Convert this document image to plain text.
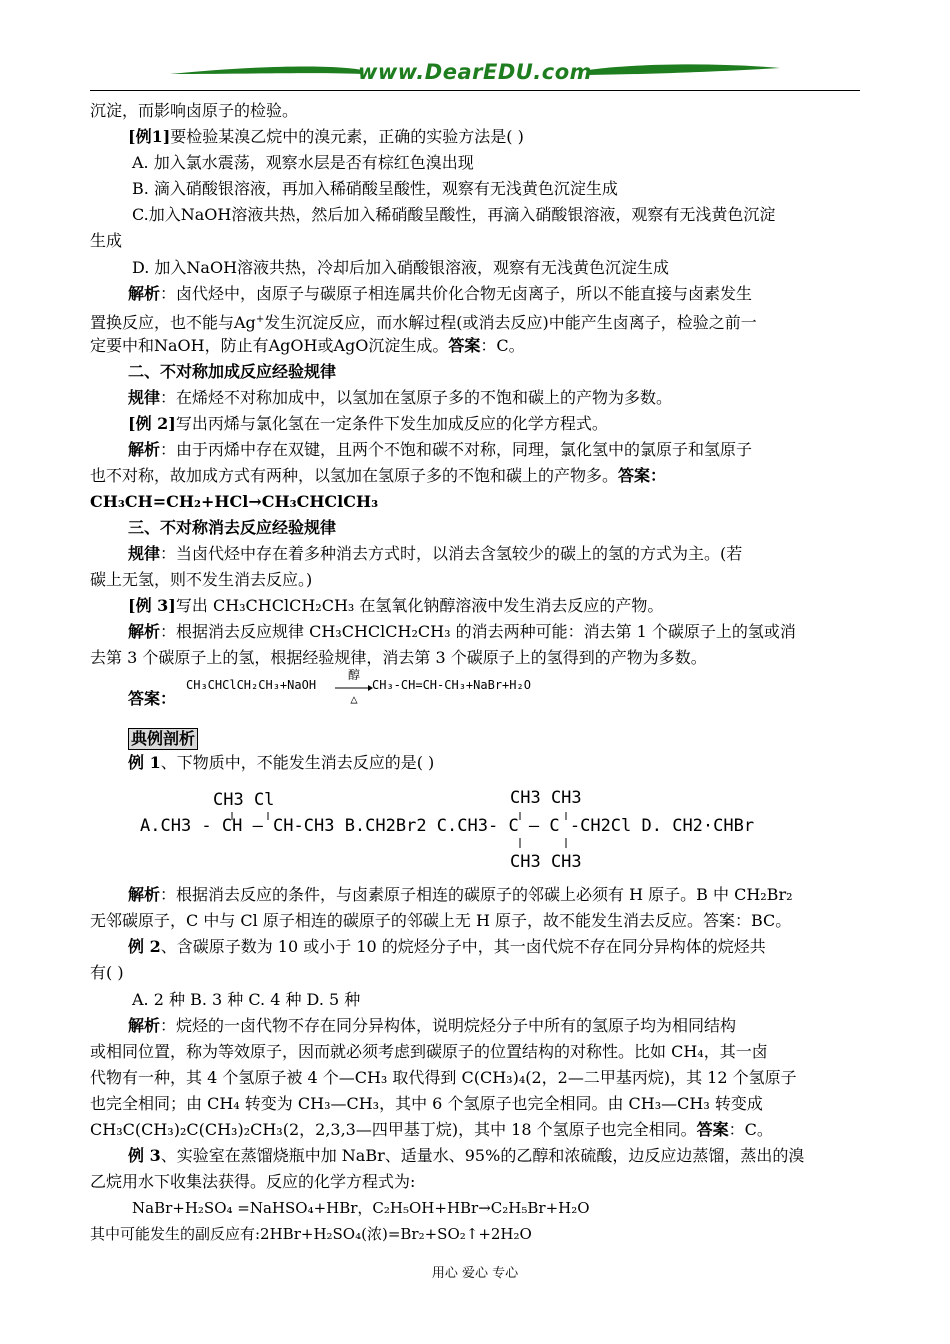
www.DearEDU.com
沉淀，而影响卤原子的检验。
[例1]要检验某溴乙烷中的溴元素，正确的实验方法是( )
A. 加入氯水震荡，观察水层是否有棕红色溴出现
B. 滴入硝酸银溶液，再加入稀硝酸呈酸性，观察有无浅黄色沉淀生成
C.加入NaOH溶液共热，然后加入稀硝酸呈酸性，再滴入硝酸银溶液，观察有无浅黄色沉淀
生成
D. 加入NaOH溶液共热，冷却后加入硝酸银溶液，观察有无浅黄色沉淀生成
解析：卤代烃中，卤原子与碳原子相连属共价化合物无卤离子，所以不能直接与卤素发生
置换反应，也不能与Ag+发生沉淀反应，而水解过程(或消去反应)中能产生卤离子，检验之前一
定要中和NaOH，防止有AgOH或AgO沉淀生成。答案：C。
二、不对称加成反应经验规律
规律：在烯烃不对称加成中，以氢加在氢原子多的不饱和碳上的产物为多数。
[例 2]写出丙烯与氯化氢在一定条件下发生加成反应的化学方程式。
解析：由于丙烯中存在双键，且两个不饱和碳不对称，同理，氯化氢中的氯原子和氢原子
也不对称，故加成方式有两种，以氢加在氢原子多的不饱和碳上的产物多。答案：
CH₃CH=CH₂+HCl→CH₃CHClCH₃
三、不对称消去反应经验规律
规律：当卤代烃中存在着多种消去方式时，以消去含氢较少的碳上的氢的方式为主。(若
碳上无氢，则不发生消去反应。)
[例 3]写出 CH₃CHClCH₂CH₃ 在氢氧化钠醇溶液中发生消去反应的产物。
解析：根据消去反应规律 CH₃CHClCH₂CH₃ 的消去两种可能：消去第 1 个碳原子上的氢或消
去第 3 个碳原子上的氢，根据经验规律，消去第 3 个碳原子上的氢得到的产物为多数。
答案：
CH₃CHClCH₂CH₃+NaOH
醇
△
CH₃-CH=CH-CH₃+NaBr+H₂O
典例剖析
例 1、下物质中，不能发生消去反应的是( )
CH3 Cl	CH3 CH3
A.CH3 - CH — CH-CH3 B.CH2Br2 C.CH3- C — C -CH2Cl D. CH2·CHBr
CH3 CH3
解析：根据消去反应的条件，与卤素原子相连的碳原子的邻碳上必须有 H 原子。B 中 CH₂Br₂
无邻碳原子，C 中与 Cl 原子相连的碳原子的邻碳上无 H 原子，故不能发生消去反应。答案：BC。
例 2、含碳原子数为 10 或小于 10 的烷烃分子中，其一卤代烷不存在同分异构体的烷烃共
有( )
A. 2 种 B. 3 种 C. 4 种 D. 5 种
解析：烷烃的一卤代物不存在同分异构体，说明烷烃分子中所有的氢原子均为相同结构
或相同位置，称为等效原子，因而就必须考虑到碳原子的位置结构的对称性。比如 CH₄，其一卤
代物有一种，其 4 个氢原子被 4 个—CH₃ 取代得到 C(CH₃)₄(2，2—二甲基丙烷)，其 12 个氢原子
也完全相同；由 CH₄ 转变为 CH₃—CH₃，其中 6 个氢原子也完全相同。由 CH₃—CH₃ 转变成
CH₃C(CH₃)₂C(CH₃)₂CH₃(2，2,3,3—四甲基丁烷)，其中 18 个氢原子也完全相同。答案：C。
例 3、实验室在蒸馏烧瓶中加 NaBr、适量水、95%的乙醇和浓硫酸，边反应边蒸馏，蒸出的溴
乙烷用水下收集法获得。反应的化学方程式为:
NaBr+H₂SO₄ =NaHSO₄+HBr，C₂H₅OH+HBr→C₂H₅Br+H₂O
其中可能发生的副反应有:2HBr+H₂SO₄(浓)=Br₂+SO₂↑+2H₂O
用心 爱心 专心
